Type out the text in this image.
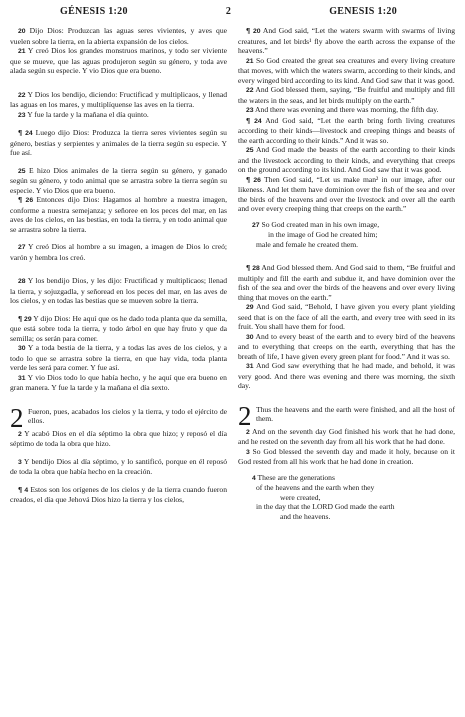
GÉNESIS 1:20	2	GENESIS 1:20

20 Dijo Dios: Produzcan las aguas seres vivientes, y aves que vuelen sobre la tierra, en la abierta expansión de los cielos.

21 Y creó Dios los grandes monstruos marinos, y todo ser viviente que se mueve, que las aguas produjeron según su género, y toda ave alada según su especie. Y vio Dios que era bueno.

22 Y Dios los bendijo, diciendo: Fructificad y multiplicaos, y llenad las aguas en los mares, y multiplíquense las aves en la tierra.

23 Y fue la tarde y la mañana el día quinto.

¶ 24 Luego dijo Dios: Produzca la tierra seres vivientes según su género, bestias y serpientes y animales de la tierra según su especie. Y fue así.

25 E hizo Dios animales de la tierra según su género, y ganado según su género, y todo animal que se arrastra sobre la tierra según su especie. Y vio Dios que era bueno.

¶ 26 Entonces dijo Dios: Hagamos al hombre a nuestra imagen, conforme a nuestra semejanza; y señoree en los peces del mar, en las aves de los cielos, en las bestias, en toda la tierra, y en todo animal que se arrastra sobre la tierra.

27 Y creó Dios al hombre a su imagen, a imagen de Dios lo creó; varón y hembra los creó.

28 Y los bendijo Dios, y les dijo: Fructificad y multiplicaos; llenad la tierra, y sojuzgadla, y señoread en los peces del mar, en las aves de los cielos, y en todas las bestias que se mueven sobre la tierra.

¶ 29 Y dijo Dios: He aquí que os he dado toda planta que da semilla, que está sobre toda la tierra, y todo árbol en que hay fruto y que da semilla; os serán para comer.

30 Y a toda bestia de la tierra, y a todas las aves de los cielos, y a todo lo que se arrastra sobre la tierra, en que hay vida, toda planta verde les será para comer. Y fue así.

31 Y vio Dios todo lo que había hecho, y he aquí que era bueno en gran manera. Y fue la tarde y la mañana el día sexto.

2 Fueron, pues, acabados los cielos y la tierra, y todo el ejército de ellos.

2 Y acabó Dios en el día séptimo la obra que hizo; y reposó el día séptimo de toda la obra que hizo.

3 Y bendijo Dios al día séptimo, y lo santificó, porque en él reposó de toda la obra que había hecho en la creación.

¶ 4 Estos son los orígenes de los cielos y de la tierra cuando fueron creados, el día que Jehová Dios hizo la tierra y los cielos,

¶ 20 And God said, “Let the waters swarm with swarms of living creatures, and let birds¹ fly above the earth across the expanse of the heavens.”

21 So God created the great sea creatures and every living creature that moves, with which the waters swarm, according to their kinds, and every winged bird according to its kind. And God saw that it was good.

22 And God blessed them, saying, “Be fruitful and multiply and fill the waters in the seas, and let birds multiply on the earth.”

23 And there was evening and there was morning, the fifth day.

¶ 24 And God said, “Let the earth bring forth living creatures according to their kinds—livestock and creeping things and beasts of the earth according to their kinds.” And it was so.

25 And God made the beasts of the earth according to their kinds and the livestock according to their kinds, and everything that creeps on the ground according to its kind. And God saw that it was good.

¶ 26 Then God said, “Let us make man² in our image, after our likeness. And let them have dominion over the fish of the sea and over the birds of the heavens and over the livestock and over all the earth and over every creeping thing that creeps on the earth.”

27 So God created man in his own image,
in the image of God he created him;
male and female he created them.

¶ 28 And God blessed them. And God said to them, “Be fruitful and multiply and fill the earth and subdue it, and have dominion over the fish of the sea and over the birds of the heavens and over every living thing that moves on the earth.”

29 And God said, “Behold, I have given you every plant yielding seed that is on the face of all the earth, and every tree with seed in its fruit. You shall have them for food.

30 And to every beast of the earth and to every bird of the heavens and to everything that creeps on the earth, everything that has the breath of life, I have given every green plant for food.” And it was so.

31 And God saw everything that he had made, and behold, it was very good. And there was evening and there was morning, the sixth day.

2 Thus the heavens and the earth were finished, and all the host of them.

2 And on the seventh day God finished his work that he had done, and he rested on the seventh day from all his work that he had done.

3 So God blessed the seventh day and made it holy, because on it God rested from all his work that he had done in creation.

4 These are the generations
of the heavens and the earth when they
were created,
in the day that the LORD God made the earth
and the heavens.
